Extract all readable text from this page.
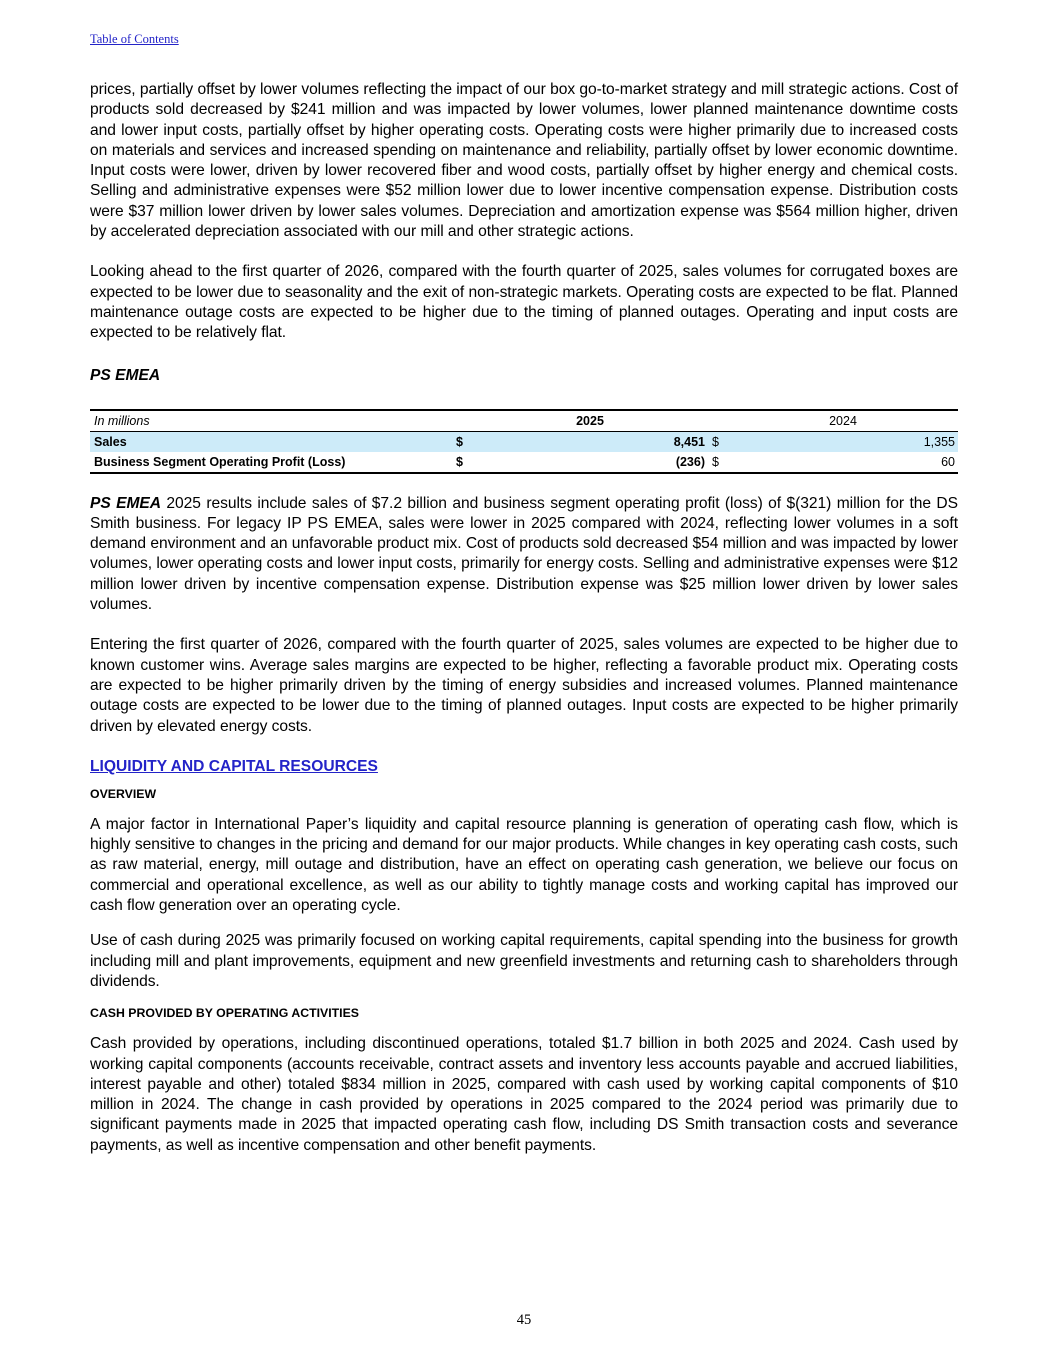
Table of Contents

prices, partially offset by lower volumes reflecting the impact of our box go-to-market strategy and mill strategic actions. Cost of products sold decreased by $241 million and was impacted by lower volumes, lower planned maintenance downtime costs and lower input costs, partially offset by higher operating costs. Operating costs were higher primarily due to increased costs on materials and services and increased spending on maintenance and reliability, partially offset by lower economic downtime. Input costs were lower, driven by lower recovered fiber and wood costs, partially offset by higher energy and chemical costs. Selling and administrative expenses were $52 million lower due to lower incentive compensation expense. Distribution costs were $37 million lower driven by lower sales volumes. Depreciation and amortization expense was $564 million higher, driven by accelerated depreciation associated with our mill and other strategic actions.

Looking ahead to the first quarter of 2026, compared with the fourth quarter of 2025, sales volumes for corrugated boxes are expected to be lower due to seasonality and the exit of non-strategic markets. Operating costs are expected to be flat. Planned maintenance outage costs are expected to be higher due to the timing of planned outages. Operating and input costs are expected to be relatively flat.

PS EMEA

In millions		2025		2024
Sales	$	8,451	$	1,355
Business Segment Operating Profit (Loss)	$	(236)	$	60

PS EMEA 2025 results include sales of $7.2 billion and business segment operating profit (loss) of $(321) million for the DS Smith business. For legacy IP PS EMEA, sales were lower in 2025 compared with 2024, reflecting lower volumes in a soft demand environment and an unfavorable product mix. Cost of products sold decreased $54 million and was impacted by lower volumes, lower operating costs and lower input costs, primarily for energy costs. Selling and administrative expenses were $12 million lower driven by incentive compensation expense. Distribution expense was $25 million lower driven by lower sales volumes.

Entering the first quarter of 2026, compared with the fourth quarter of 2025, sales volumes are expected to be higher due to known customer wins. Average sales margins are expected to be higher, reflecting a favorable product mix. Operating costs are expected to be higher primarily driven by the timing of energy subsidies and increased volumes. Planned maintenance outage costs are expected to be lower due to the timing of planned outages. Input costs are expected to be higher primarily driven by elevated energy costs.

LIQUIDITY AND CAPITAL RESOURCES

OVERVIEW

A major factor in International Paper’s liquidity and capital resource planning is generation of operating cash flow, which is highly sensitive to changes in the pricing and demand for our major products. While changes in key operating cash costs, such as raw material, energy, mill outage and distribution, have an effect on operating cash generation, we believe our focus on commercial and operational excellence, as well as our ability to tightly manage costs and working capital has improved our cash flow generation over an operating cycle.

Use of cash during 2025 was primarily focused on working capital requirements, capital spending into the business for growth including mill and plant improvements, equipment and new greenfield investments and returning cash to shareholders through dividends.

CASH PROVIDED BY OPERATING ACTIVITIES

Cash provided by operations, including discontinued operations, totaled $1.7 billion in both 2025 and 2024. Cash used by working capital components (accounts receivable, contract assets and inventory less accounts payable and accrued liabilities, interest payable and other) totaled $834 million in 2025, compared with cash used by working capital components of $10 million in 2024. The change in cash provided by operations in 2025 compared to the 2024 period was primarily due to significant payments made in 2025 that impacted operating cash flow, including DS Smith transaction costs and severance payments, as well as incentive compensation and other benefit payments.

45
